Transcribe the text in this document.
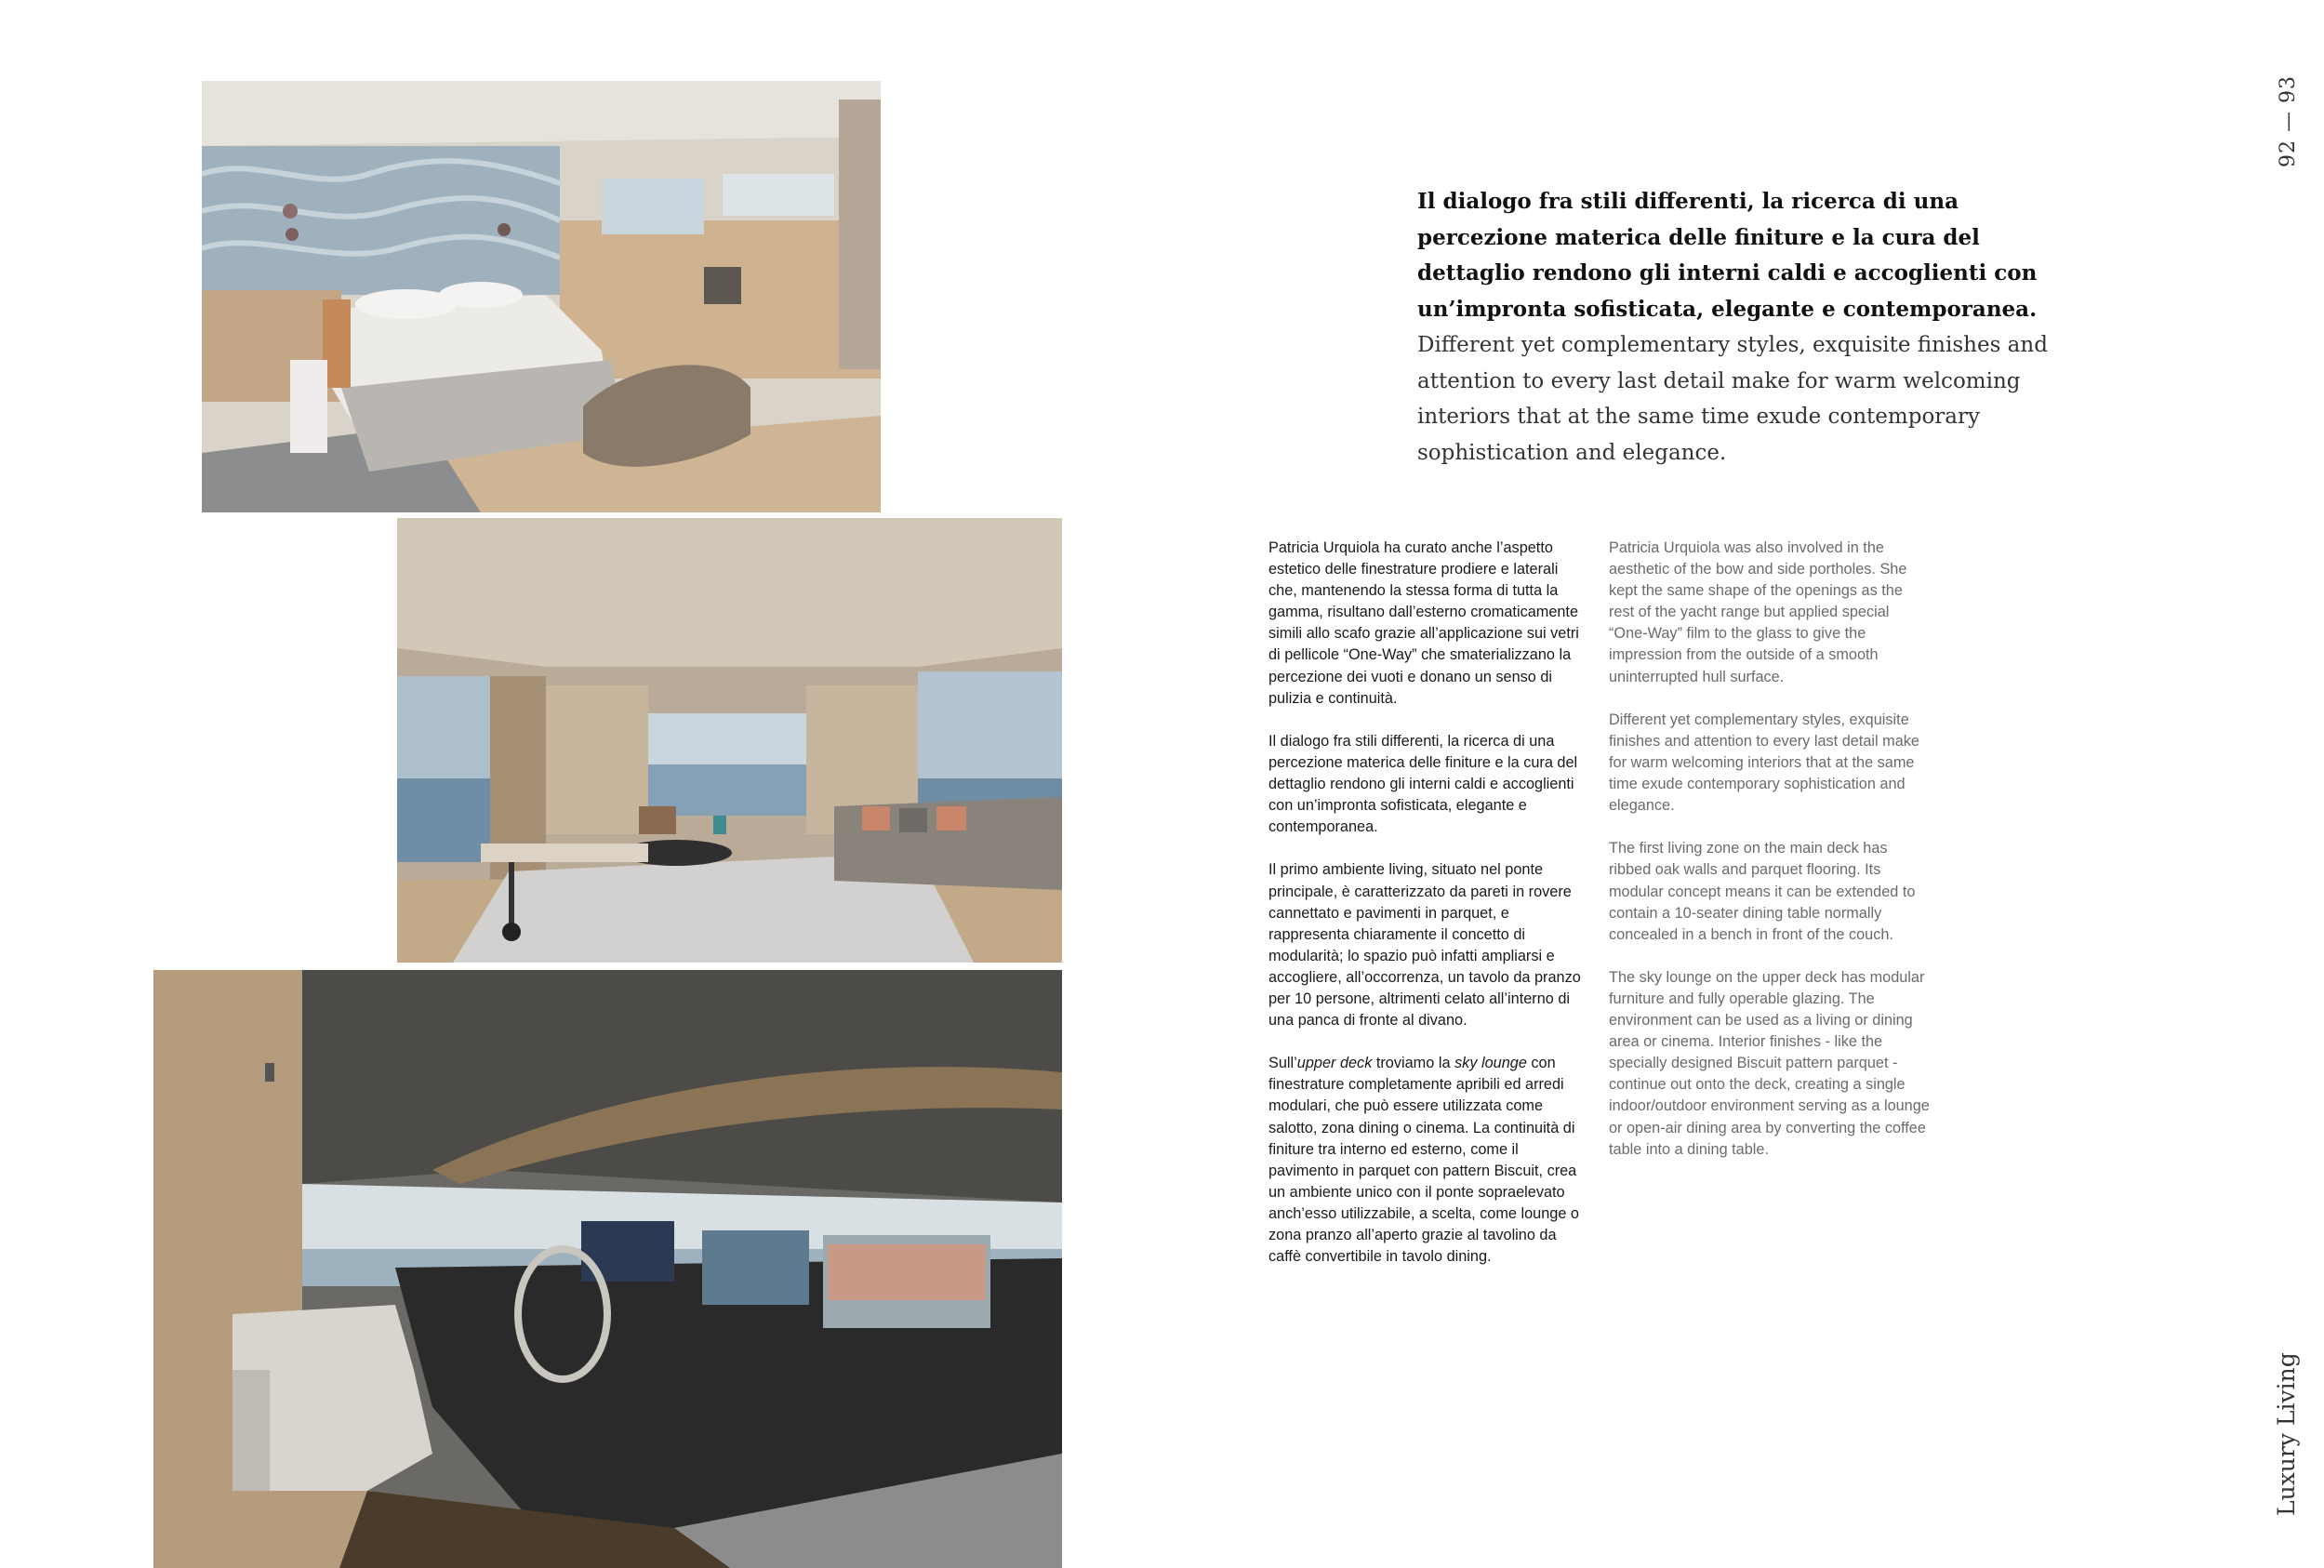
92 — 93
Luxury Living
Il dialogo fra stili differenti, la ricerca di una percezione materica delle finiture e la cura del dettaglio rendono gli interni caldi e accoglienti con un’impronta sofisticata, elegante e contemporanea. Different yet complementary styles, exquisite finishes and attention to every last detail make for warm welcoming interiors that at the same time exude contemporary sophistication and elegance.

Patricia Urquiola ha curato anche l’aspetto estetico delle finestrature prodiere e laterali che, mantenendo la stessa forma di tutta la gamma, risultano dall’esterno cromaticamente simili allo scafo grazie all’applicazione sui vetri di pellicole “One-Way” che smaterializzano la percezione dei vuoti e donano un senso di pulizia e continuità.

Il dialogo fra stili differenti, la ricerca di una percezione materica delle finiture e la cura del dettaglio rendono gli interni caldi e accoglienti con un’impronta sofisticata, elegante e contemporanea.

Il primo ambiente living, situato nel ponte principale, è caratterizzato da pareti in rovere cannettato e pavimenti in parquet, e rappresenta chiaramente il concetto di modularità; lo spazio può infatti ampliarsi e accogliere, all’occorrenza, un tavolo da pranzo per 10 persone, altrimenti celato all’interno di una panca di fronte al divano.

Sull’upper deck troviamo la sky lounge con finestrature completamente apribili ed arredi modulari, che può essere utilizzata come salotto, zona dining o cinema. La continuità di finiture tra interno ed esterno, come il pavimento in parquet con pattern Biscuit, crea un ambiente unico con il ponte sopraelevato anch’esso utilizzabile, a scelta, come lounge o zona pranzo all’aperto grazie al tavolino da caffè convertibile in tavolo dining.

Patricia Urquiola was also involved in the aesthetic of the bow and side portholes. She kept the same shape of the openings as the rest of the yacht range but applied special “One-Way” film to the glass to give the impression from the outside of a smooth uninterrupted hull surface.

Different yet complementary styles, exquisite finishes and attention to every last detail make for warm welcoming interiors that at the same time exude contemporary sophistication and elegance.

The first living zone on the main deck has ribbed oak walls and parquet flooring. Its modular concept means it can be extended to contain a 10-seater dining table normally concealed in a bench in front of the couch.

The sky lounge on the upper deck has modular furniture and fully operable glazing. The environment can be used as a living or dining area or cinema. Interior finishes - like the specially designed Biscuit pattern parquet - continue out onto the deck, creating a single indoor/outdoor environment serving as a lounge or open-air dining area by converting the coffee table into a dining table.
